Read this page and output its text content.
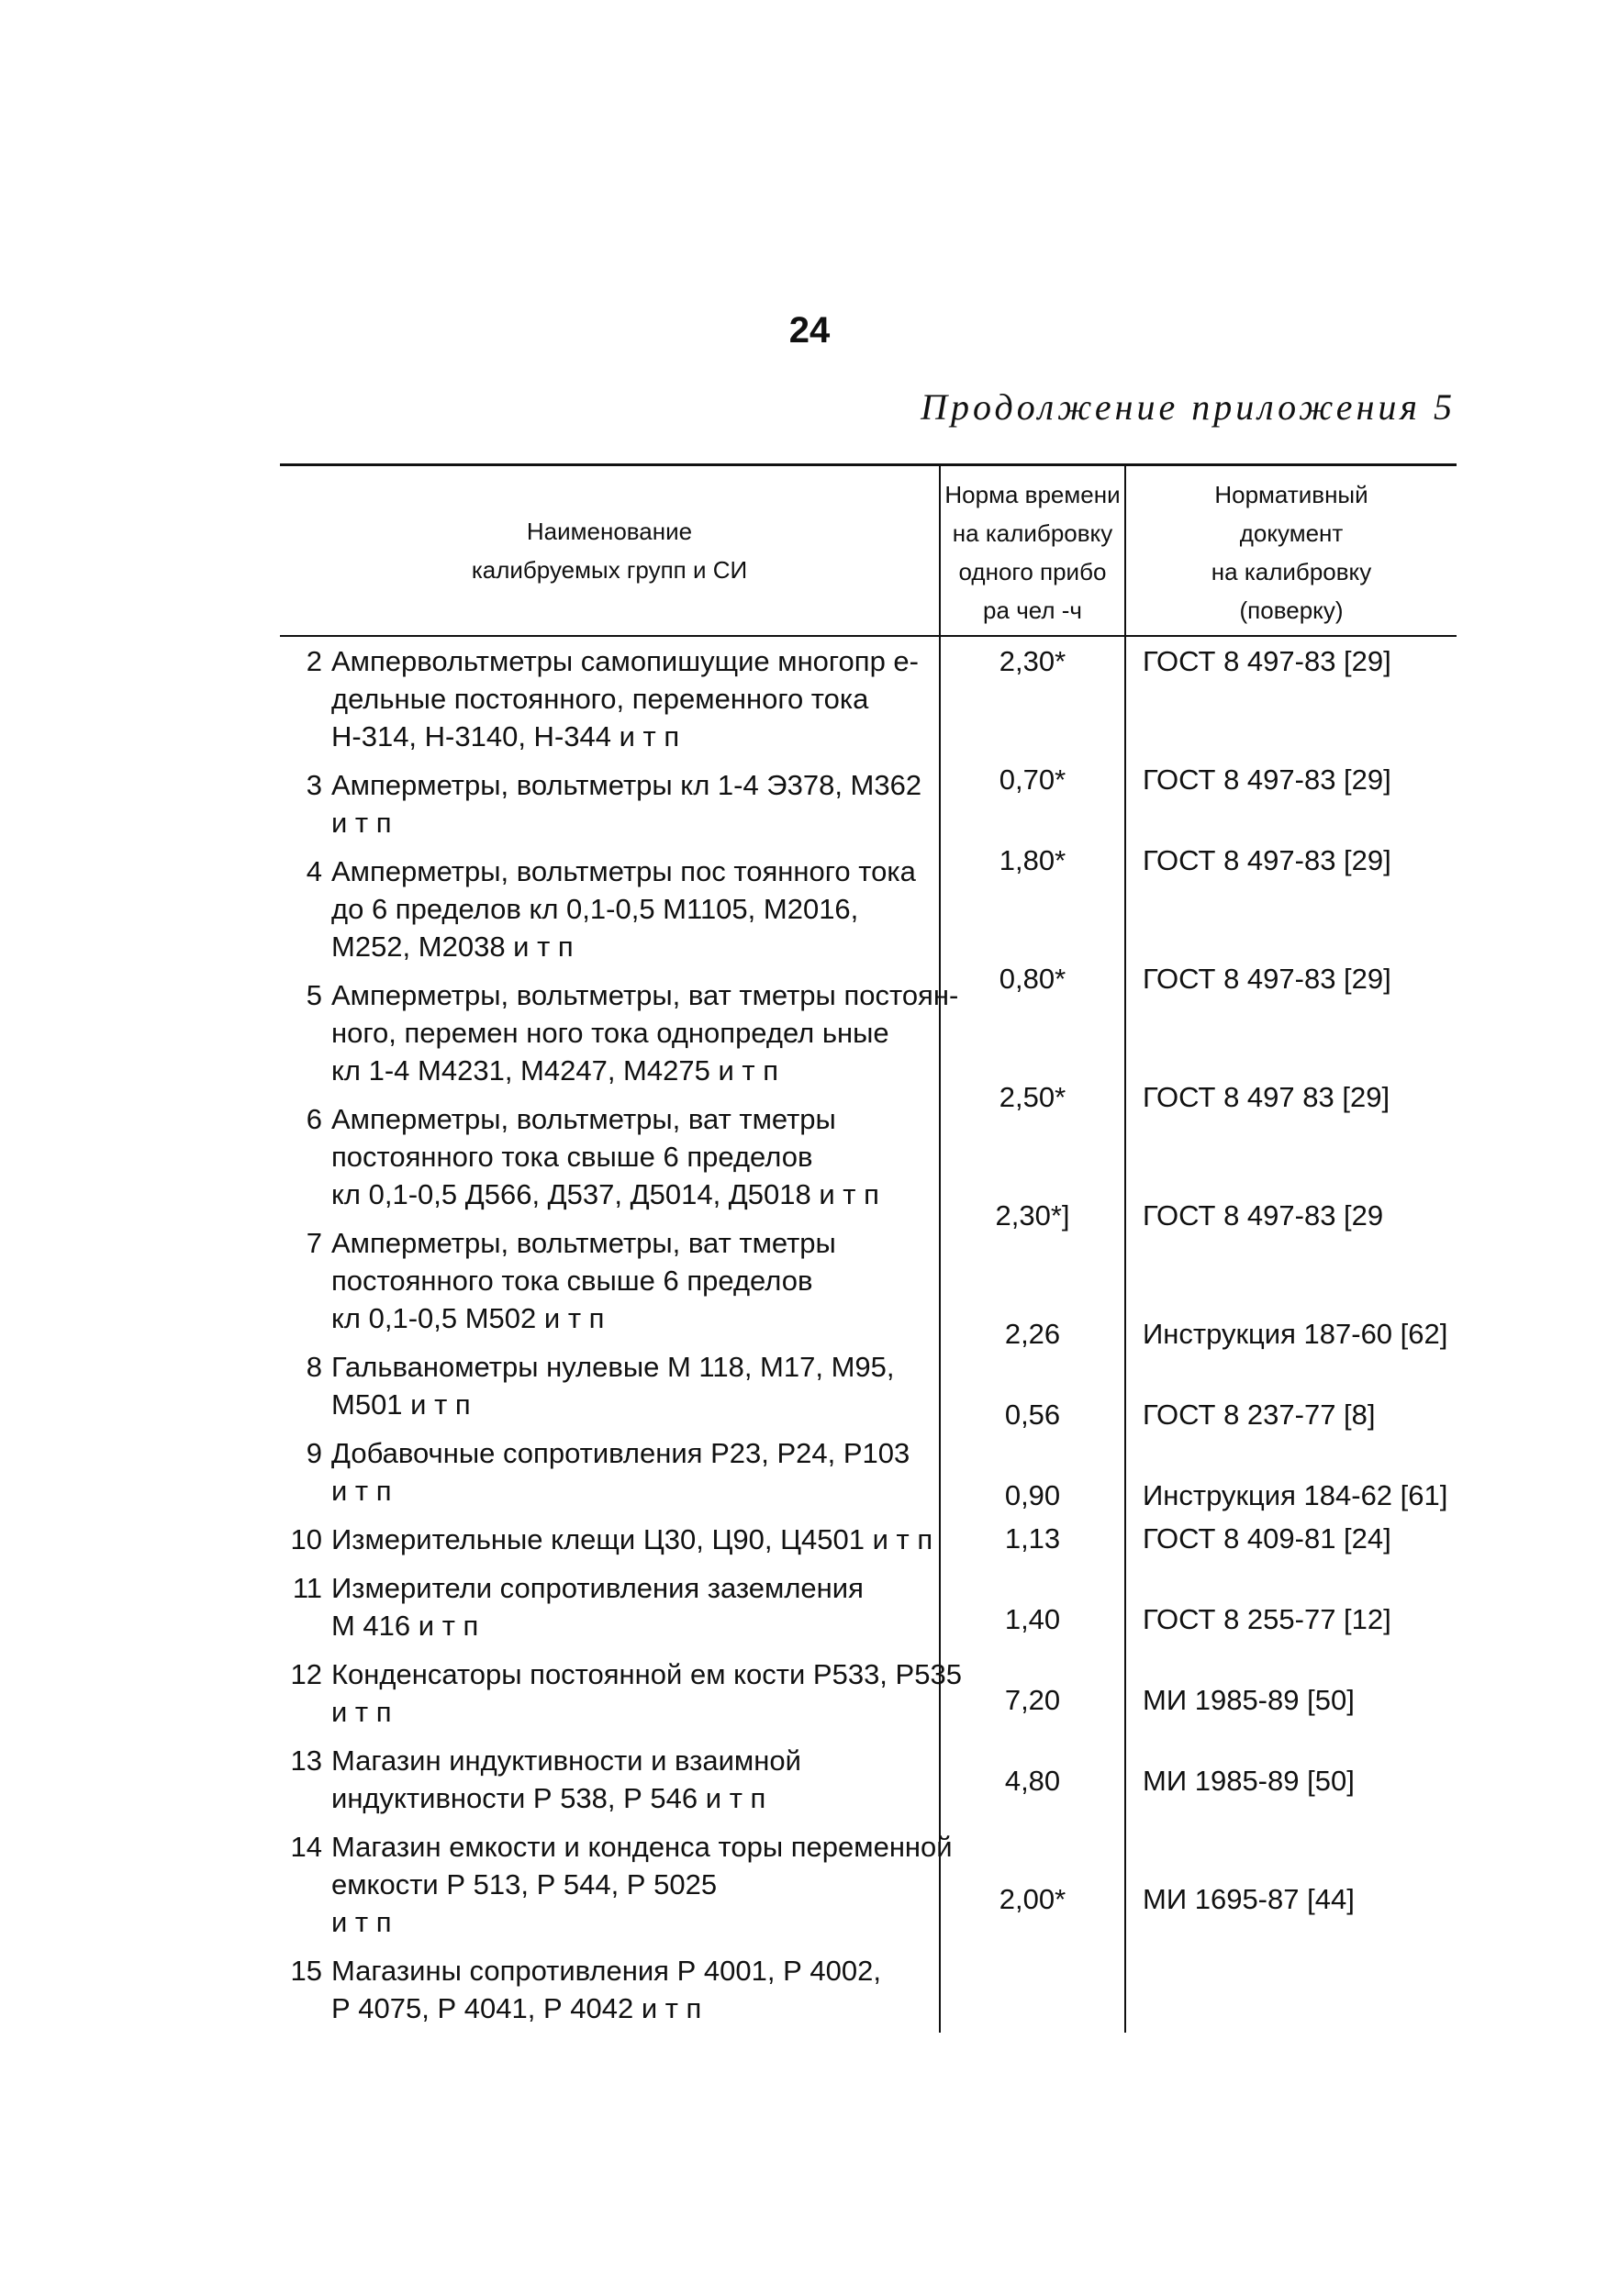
24
Продолжение приложения 5
Наименование
калибруемых групп и СИ
Норма времени
на калибровку
одного прибо
ра чел -ч
Нормативный
документ
на калибровку
(поверку)
2 Ампервольтметры самопишущие многопр е-
дельные постоянного, переменного тока
Н-314, Н-3140, Н-344 и т п
3 Амперметры, вольтметры кл 1-4 Э378, М362
и т п
4 Амперметры, вольтметры пос тоянного тока
до 6 пределов кл 0,1-0,5 М1105, М2016,
М252, М2038 и т п
5 Амперметры, вольтметры, ват тметры постоян-
ного, перемен ного тока однопредел ьные
кл 1-4 М4231, М4247, М4275 и т п
6 Амперметры, вольтметры, ват тметры
постоянного тока свыше 6 пределов
кл 0,1-0,5 Д566, Д537, Д5014, Д5018 и т п
7 Амперметры, вольтметры, ват тметры
постоянного тока свыше 6 пределов
кл 0,1-0,5 М502 и т п
8 Гальванометры нулевые М 118, М17, М95,
М501 и т п
9 Добавочные сопротивления Р23, Р24, Р103
и т п
10 Измерительные клещи Ц30, Ц90, Ц4501 и т п
11 Измерители сопротивления заземления
М 416 и т п
12 Конденсаторы постоянной ем кости Р533, Р535
и т п
13 Магазин индуктивности и взаимной
индуктивности Р 538, Р 546 и т п
14 Магазин емкости и конденса торы переменной
емкости Р 513, Р 544, Р 5025
и т п
15 Магазины сопротивления Р 4001, Р 4002,
Р 4075, Р 4041, Р 4042 и т п
2,30*
0,70*
1,80*
0,80*
2,50*
2,30*]
2,26
0,56
0,90
1,13
1,40
7,20
4,80
2,00*
ГОСТ 8 497-83 [29]
ГОСТ 8 497-83 [29]
ГОСТ 8 497-83 [29]
ГОСТ 8 497-83 [29]
ГОСТ 8 497 83 [29]
ГОСТ 8 497-83 [29
Инструкция 187-60 [62]
ГОСТ 8 237-77 [8]
Инструкция 184-62 [61]
ГОСТ 8 409-81 [24]
ГОСТ 8 255-77 [12]
МИ 1985-89 [50]
МИ 1985-89 [50]
МИ 1695-87 [44]
